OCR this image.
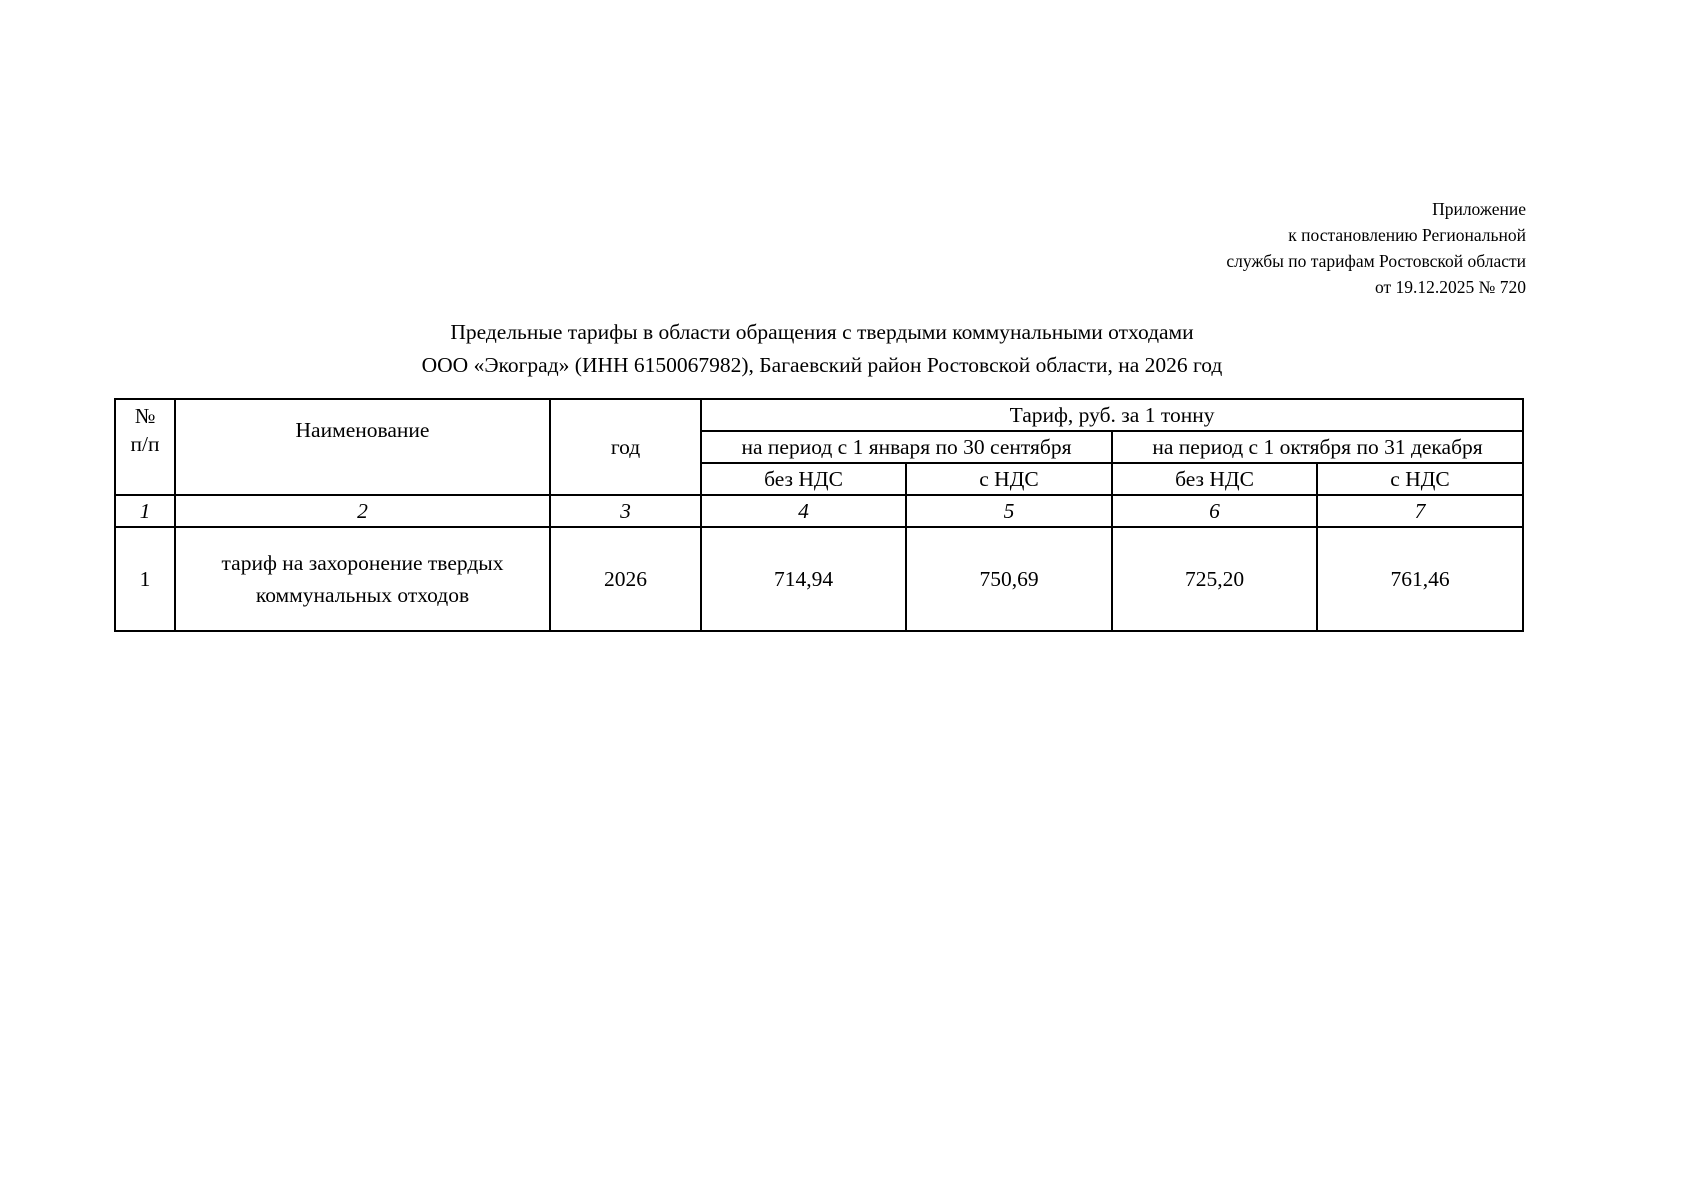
Приложение
к постановлению Региональной
службы по тарифам Ростовской области
от 19.12.2025 № 720
Предельные тарифы в области обращения с твердыми коммунальными отходами
ООО «Экоград» (ИНН 6150067982), Багаевский район Ростовской области, на 2026 год
№
п/п	Наименование	год	Тариф, руб. за 1 тонну			
			на период с 1 января по 30 сентября		на период с 1 октября по 31 декабря	
			без НДС	с НДС	без НДС	с НДС
1	2	3	4	5	6	7
1	тариф на захоронение твердых коммунальных отходов	2026	714,94	750,69	725,20	761,46
